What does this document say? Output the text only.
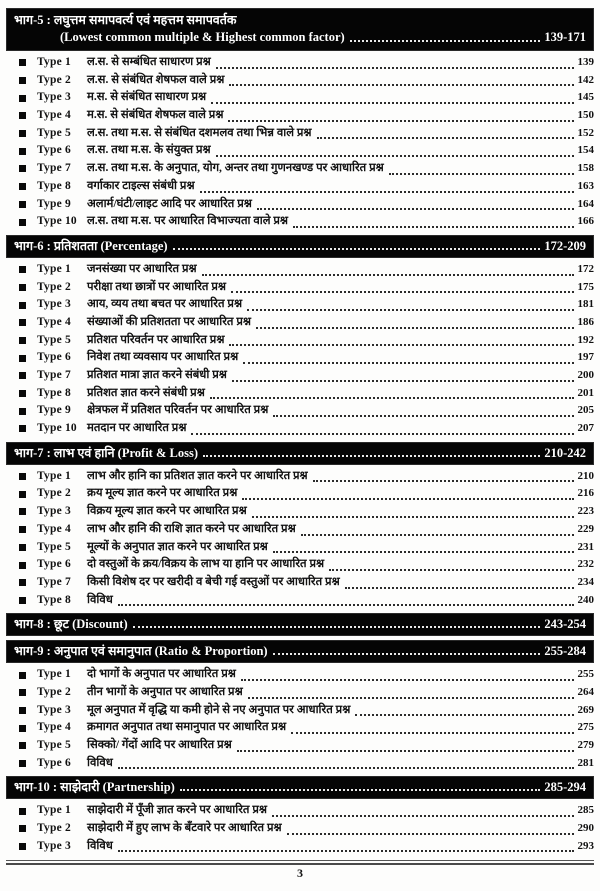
भाग-5 : लघुत्तम समापवर्त्य एवं महत्तम समापवर्तक
(Lowest common multiple & Highest common factor)	139-171
Type 1	ल.स. से सम्बंधित साधारण प्रश्न	139
Type 2	ल.स. से संबंधित शेषफल वाले प्रश्न	142
Type 3	म.स. से संबंधित साधारण प्रश्न	145
Type 4	म.स. से संबंधित शेषफल वाले प्रश्न	150
Type 5	ल.स. तथा म.स. से संबंधित दशमलव तथा भिन्न वाले प्रश्न	152
Type 6	ल.स. तथा म.स. के संयुक्त प्रश्न	154
Type 7	ल.स. तथा म.स. के अनुपात, योग, अन्तर तथा गुणनखण्ड पर आधारित प्रश्न	158
Type 8	वर्गाकार टाइल्स संबंधी प्रश्न	163
Type 9	अलार्म/घंटी/लाइट आदि पर आधारित प्रश्न	164
Type 10 ल.स. तथा म.स. पर आधारित विभाज्यता वाले प्रश्न	166
भाग-6 : प्रतिशतता (Percentage)	172-209
Type 1	जनसंख्या पर आधारित प्रश्न	172
Type 2	परीक्षा तथा छात्रों पर आधारित प्रश्न	175
Type 3	आय, व्यय तथा बचत पर आधारित प्रश्न	181
Type 4	संख्याओं की प्रतिशतता पर आधारित प्रश्न	186
Type 5	प्रतिशत परिवर्तन पर आधारित प्रश्न	192
Type 6	निवेश तथा व्यवसाय पर आधारित प्रश्न	197
Type 7	प्रतिशत मात्रा ज्ञात करने संबंधी प्रश्न	200
Type 8	प्रतिशत ज्ञात करने संबंधी प्रश्न	201
Type 9	क्षेत्रफल में प्रतिशत परिवर्तन पर आधारित प्रश्न	205
Type 10 मतदान पर आधारित प्रश्न	207
भाग-7 : लाभ एवं हानि (Profit & Loss)	210-242
Type 1	लाभ और हानि का प्रतिशत ज्ञात करने पर आधारित प्रश्न	210
Type 2	क्रय मूल्य ज्ञात करने पर आधारित प्रश्न	216
Type 3	विक्रय मूल्य ज्ञात करने पर आधारित प्रश्न	223
Type 4	लाभ और हानि की राशि ज्ञात करने पर आधारित प्रश्न	229
Type 5	मूल्यों के अनुपात ज्ञात करने पर आधारित प्रश्न	231
Type 6	दो वस्तुओं के क्रय/विक्रय के लाभ या हानि पर आधारित प्रश्न	232
Type 7	किसी विशेष दर पर खरीदी व बेची गई वस्तुओं पर आधारित प्रश्न	234
Type 8	विविध	240
भाग-8 : छूट (Discount)	243-254
भाग-9 : अनुपात एवं समानुपात (Ratio & Proportion)	255-284
Type 1	दो भागों के अनुपात पर आधारित प्रश्न	255
Type 2	तीन भागों के अनुपात पर आधारित प्रश्न	264
Type 3	मूल अनुपात में वृद्धि या कमी होने से नए अनुपात पर आधारित प्रश्न	269
Type 4	क्रमागत अनुपात तथा समानुपात पर आधारित प्रश्न	275
Type 5	सिक्को/ गेंदों आदि पर आधारित प्रश्न	279
Type 6	विविध	281
भाग-10 : साझेदारी (Partnership)	285-294
Type 1	साझेदारी में पूँजी ज्ञात करने पर आधारित प्रश्न	285
Type 2	साझेदारी में हुए लाभ के बँटवारे पर आधारित प्रश्न	290
Type 3	विविध	293
3
